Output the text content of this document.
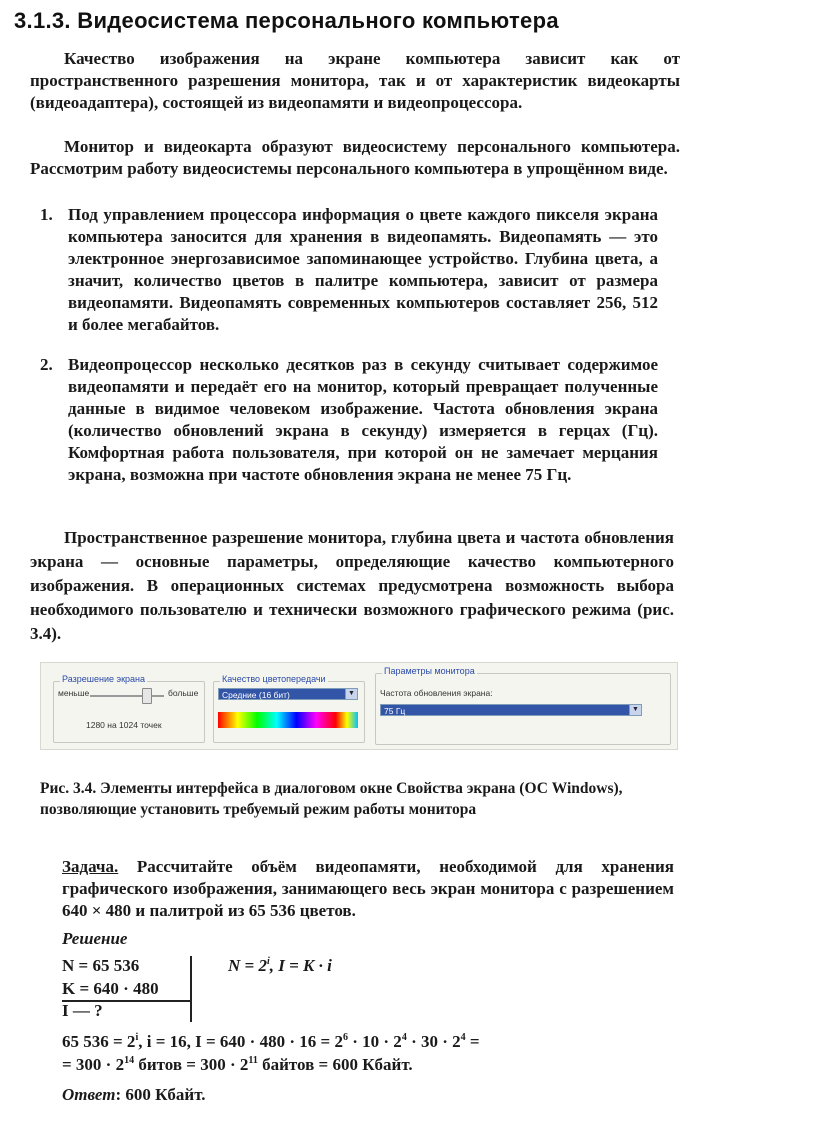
3.1.3. Видеосистема персонального компьютера

Качество изображения на экране компьютера зависит как от пространственного разрешения монитора, так и от характеристик видеокарты (видеоадаптера), состоящей из видеопамяти и видеопроцессора.

Монитор и видеокарта образуют видеосистему персонального компьютера. Рассмотрим работу видеосистемы персонального компьютера в упрощённом виде.

1. Под управлением процессора информация о цвете каждого пикселя экрана компьютера заносится для хранения в видеопамять. Видеопамять — это электронное энергозависимое запоминающее устройство. Глубина цвета, а значит, количество цветов в палитре компьютера, зависит от размера видеопамяти. Видеопамять современных компьютеров составляет 256, 512 и более мегабайтов.
2. Видеопроцессор несколько десятков раз в секунду считывает содержимое видеопамяти и передаёт его на монитор, который превращает полученные данные в видимое человеком изображение. Частота обновления экрана (количество обновлений экрана в секунду) измеряется в герцах (Гц). Комфортная работа пользователя, при которой он не замечает мерцания экрана, возможна при частоте обновления экрана не менее 75 Гц.

Пространственное разрешение монитора, глубина цвета и частота обновления экрана — основные параметры, определяющие качество компьютерного изображения. В операционных системах предусмотрена возможность выбора необходимого пользователю и технически возможного графического режима (рис. 3.4).

Разрешение экрана
меньше	больше
1280 на 1024 точек
Качество цветопередачи
Средние (16 бит)	▼
Параметры монитора
Частота обновления экрана:
75 Гц	▼

Рис. 3.4. Элементы интерфейса в диалоговом окне Свойства экрана (ОС Windows), позволяющие установить требуемый режим работы монитора

Задача. Рассчитайте объём видеопамяти, необходимой для хранения графического изображения, занимающего весь экран монитора с разрешением 640 × 480 и палитрой из 65 536 цветов.

Решение
N = 65 536
K = 640 · 480
I — ?
$N = 2^i$, I = K · i
65 $536 = 2^i$, i = 16, $I = 640 \cdot 480 \cdot 16 = 2^6 \cdot 10 \cdot 2^4 \cdot 30 \cdot 2^4$ =
= $300 \cdot 2^{14}$ битов = $300 \cdot 2^{11}$ байтов = 600 Кбайт.
Ответ: 600 Кбайт.
